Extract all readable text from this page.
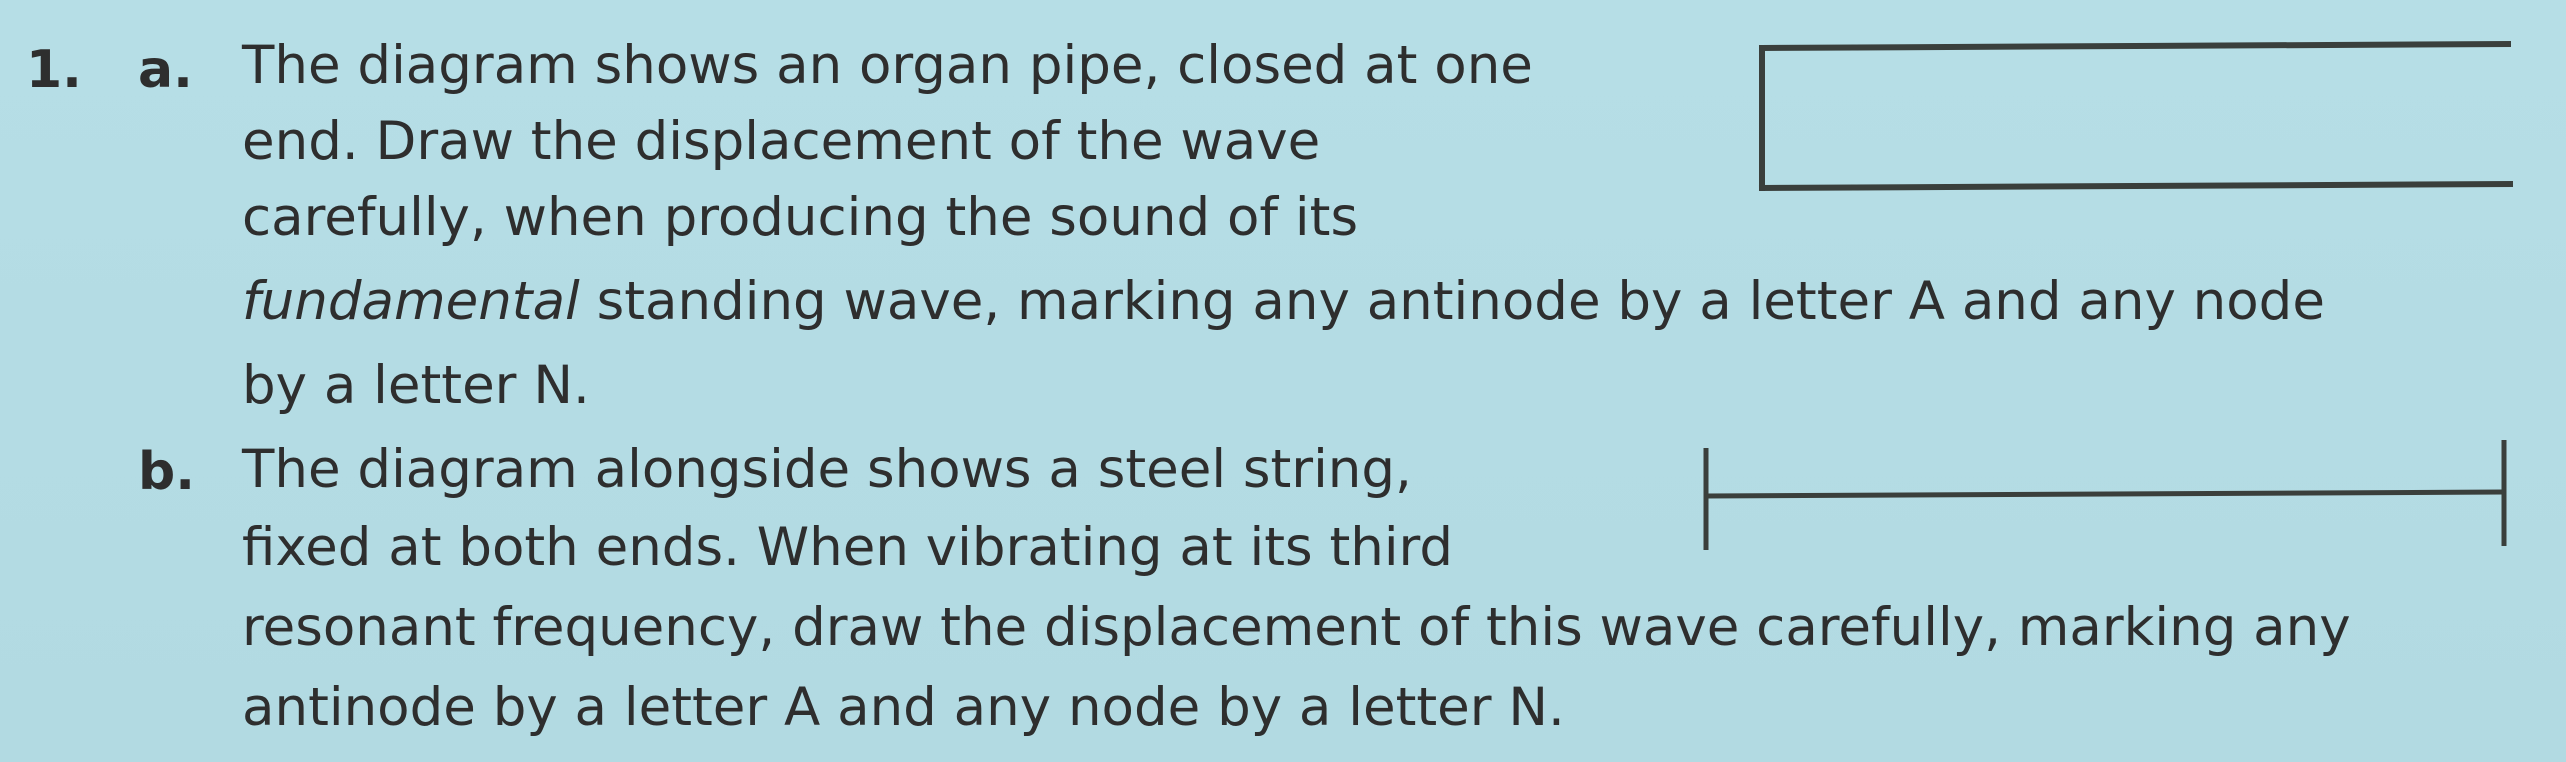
1. a. The diagram shows an organ pipe, closed at one
end. Draw the displacement of the wave
carefully, when producing the sound of its
fundamental standing wave, marking any antinode by a letter A and any node
by a letter N.
b. The diagram alongside shows a steel string,
fixed at both ends. When vibrating at its third
resonant frequency, draw the displacement of this wave carefully, marking any
antinode by a letter A and any node by a letter N.
